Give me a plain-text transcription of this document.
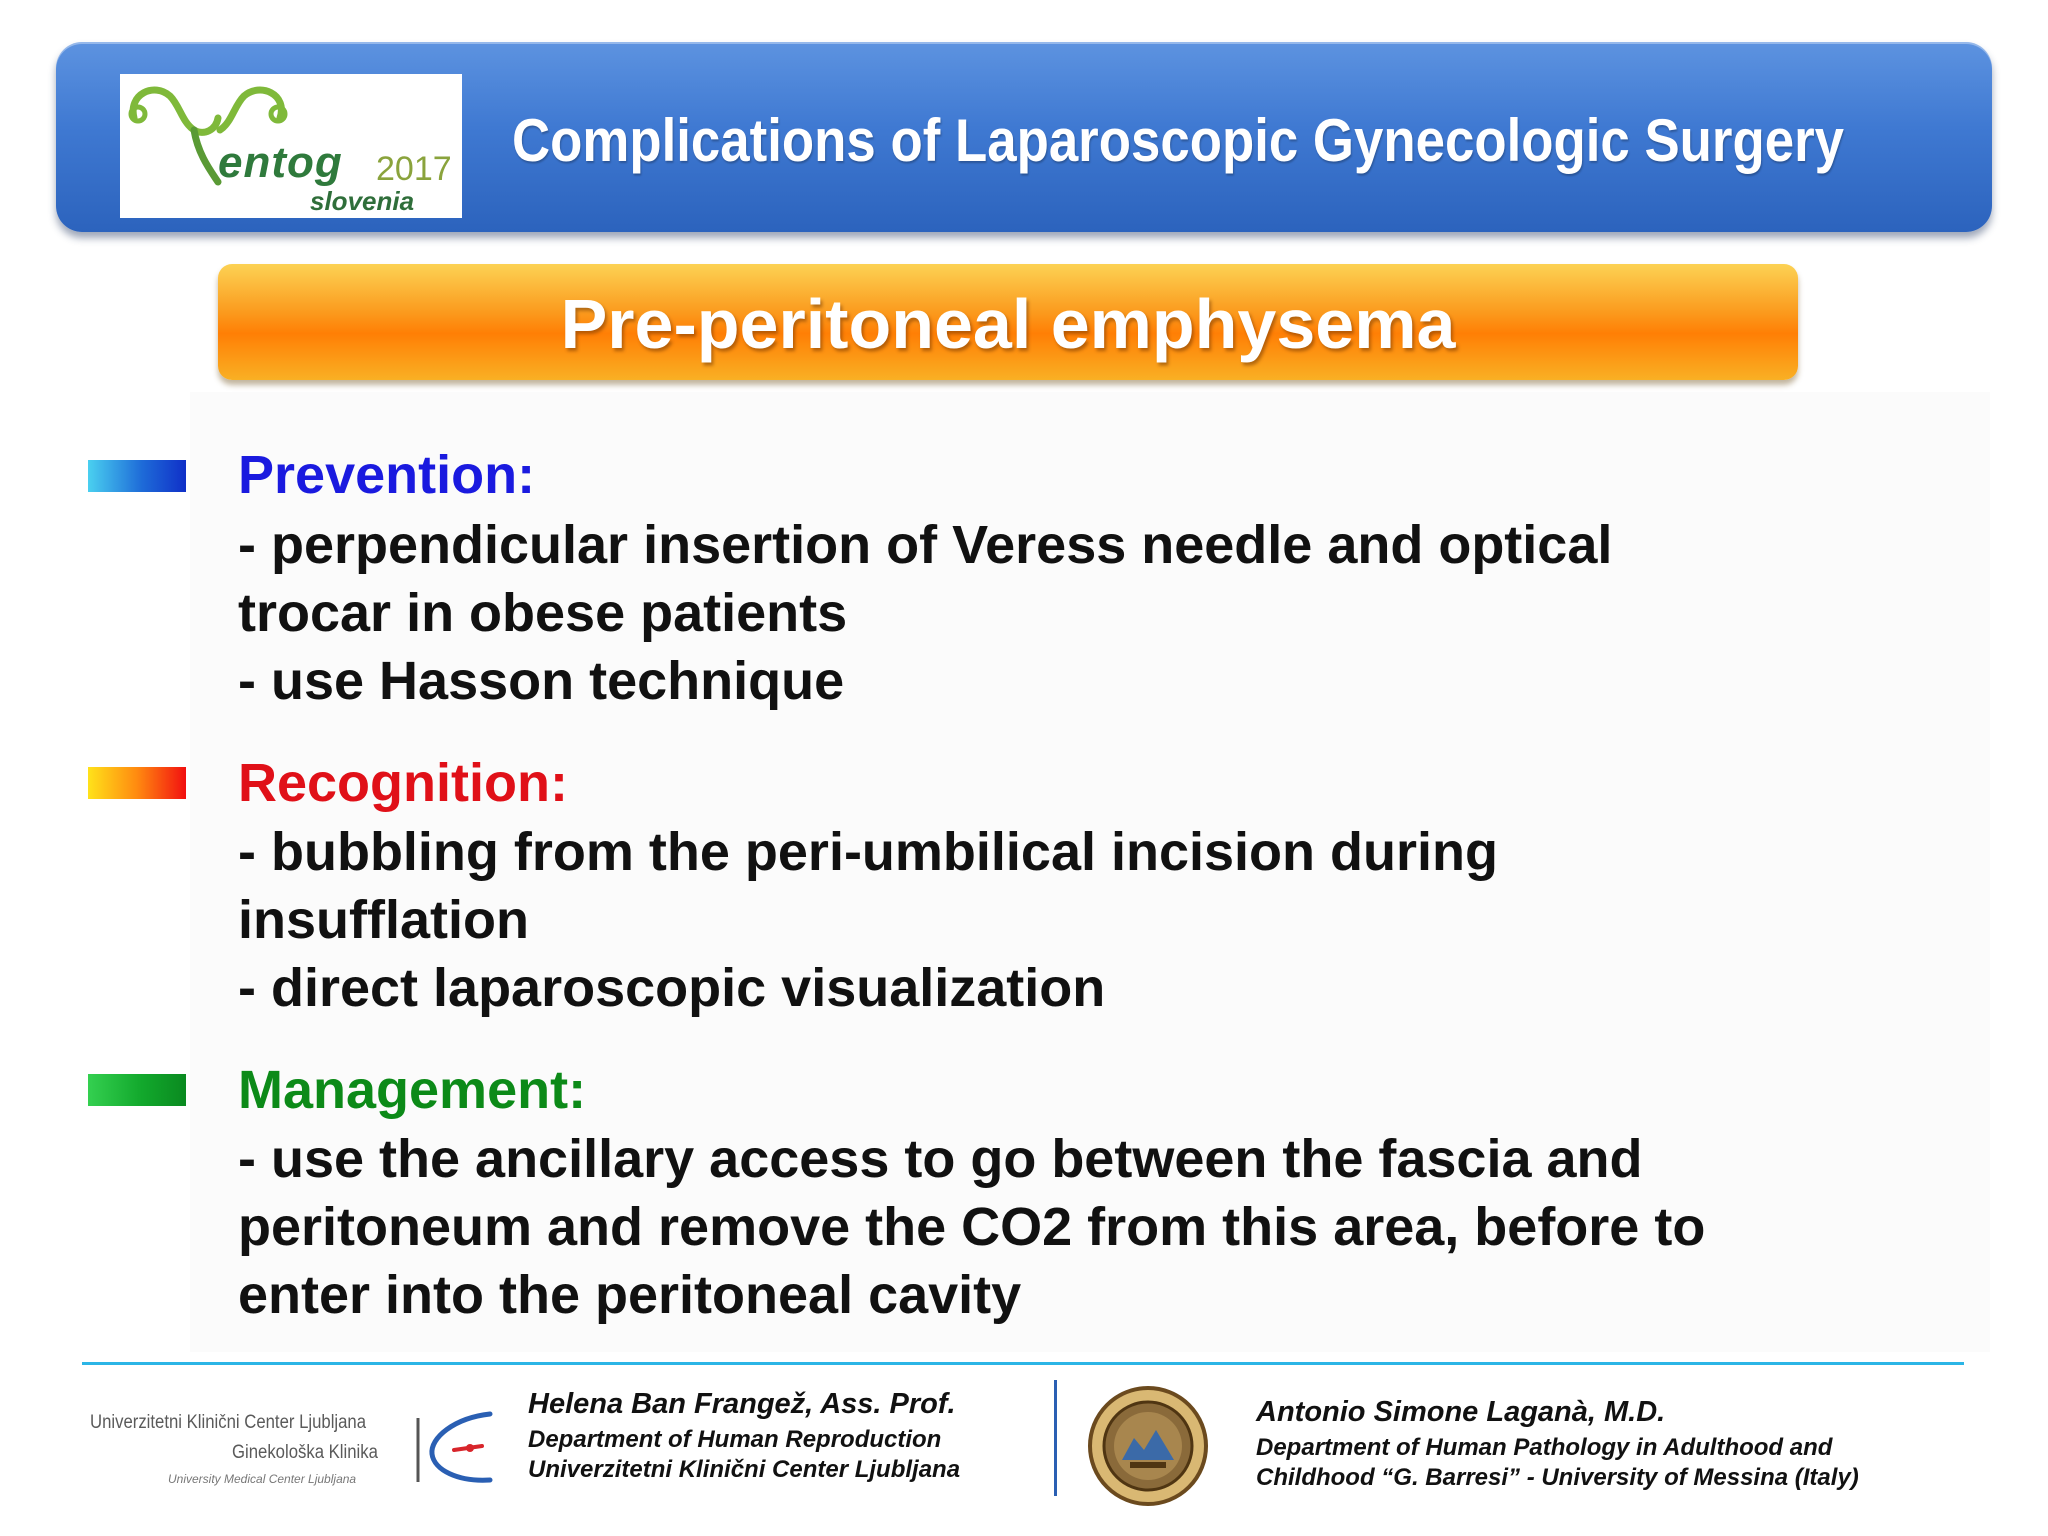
entog 2017
slovenia
Complications of Laparoscopic Gynecologic Surgery
Pre-peritoneal emphysema
Prevention:
- perpendicular insertion of Veress needle and optical
trocar in obese patients
- use Hasson technique
Recognition:
- bubbling from the peri-umbilical incision during
insufflation
- direct laparoscopic visualization
Management:
- use the ancillary access to go between the fascia and
peritoneum and remove the CO2 from this area, before to
enter into the peritoneal cavity
Univerzitetni Klinični Center Ljubljana
Ginekološka Klinika
University Medical Center Ljubljana
Helena Ban Frangež, Ass. Prof.
Department of Human Reproduction
Univerzitetni Klinični Center Ljubljana
Antonio Simone Laganà, M.D.
Department of Human Pathology in Adulthood and
Childhood “G. Barresi” - University of Messina (Italy)
